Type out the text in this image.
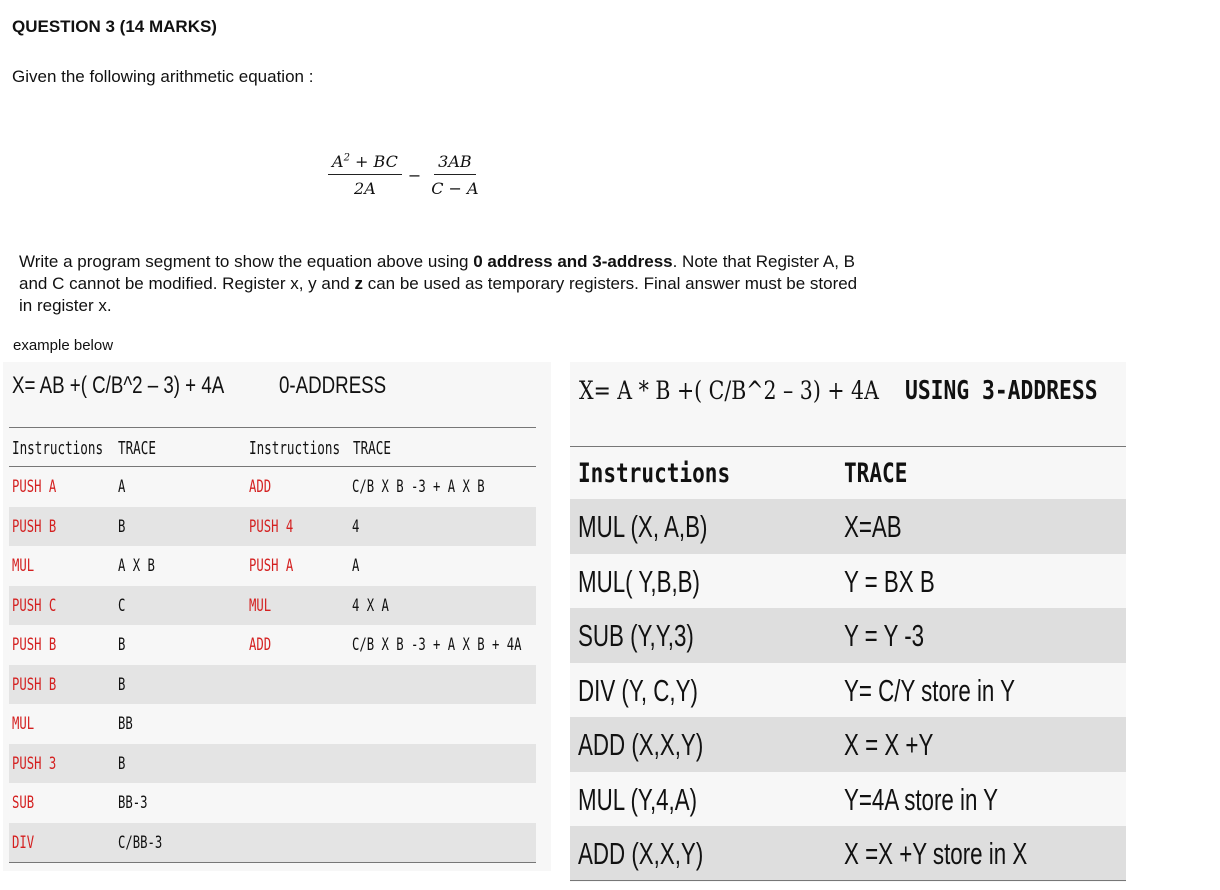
QUESTION 3 (14 MARKS)
Given the following arithmetic equation :
$\frac{A^2 + BC}{2A} - \frac{3AB}{C - A}$
Write a program segment to show the equation above using 0 address and 3-address. Note that Register A, B and C cannot be modified. Register x, y and z can be used as temporary registers. Final answer must be stored in register x.
example below
X= AB +( C/B^2 – 3) + 4A 0-ADDRESS
Instructions TRACE	Instructions TRACE
PUSH A	A	ADD	C/B X B -3 + A X B
PUSH B	B	PUSH 4	4
MUL	A X B	PUSH A	A
PUSH C	C	MUL	4 X A
PUSH B	B	ADD	C/B X B -3 + A X B + 4A
PUSH B	B
MUL	BB
PUSH 3	B
SUB	BB-3
DIV	C/BB-3
X= A * B +( C/B^2 – 3) + 4A USING 3-ADDRESS
Instructions	TRACE
MUL (X, A,B)	X=AB
MUL( Y,B,B)	Y = BX B
SUB (Y,Y,3)	Y = Y -3
DIV (Y, C,Y)	Y= C/Y store in Y
ADD (X,X,Y)	X = X +Y
MUL (Y,4,A)	Y=4A store in Y
ADD (X,X,Y)	X =X +Y store in X
